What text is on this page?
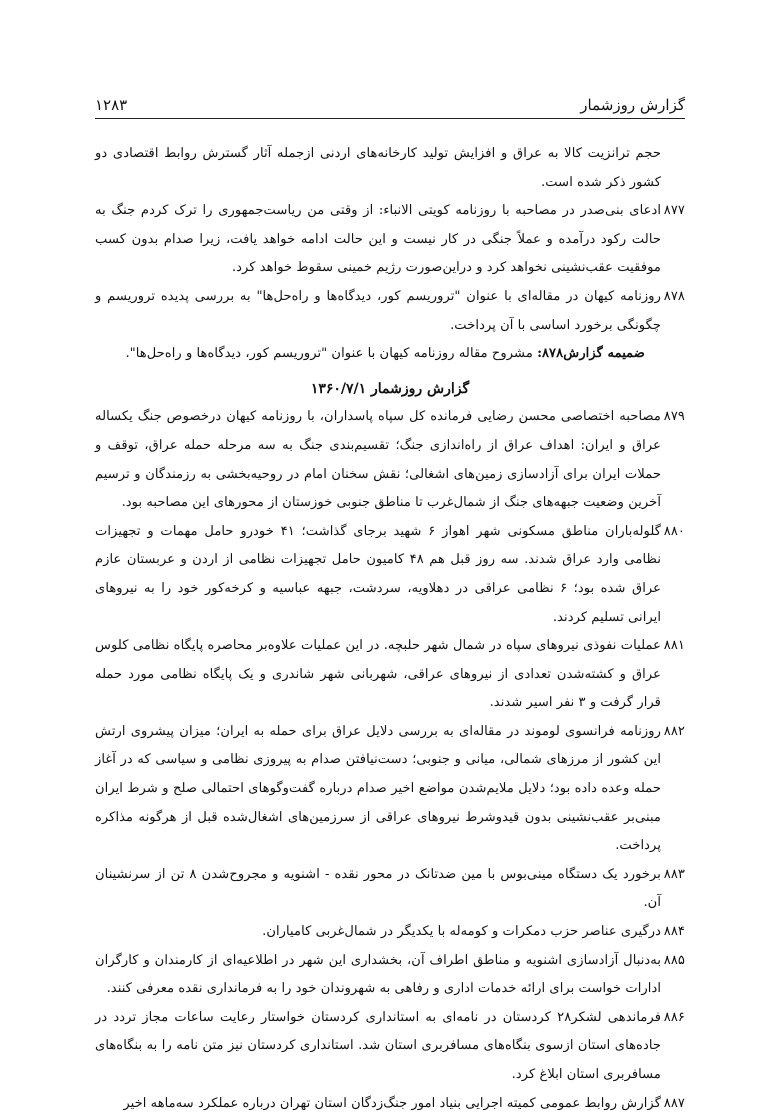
گزارش روزشمار
۱۲۸۳
حجم ترانزیت کالا به عراق و افزایش تولید کارخانه‌های اردنی ازجمله آثار گسترش روابط اقتصادی دو کشور ذکر شده است.
۸۷۷
ادعای بنی‌صدر در مصاحبه با روزنامه کویتی الانباء: از وقتی من ریاست‌جمهوری را ترک کردم جنگ به حالت رکود درآمده و عملاً جنگی در کار نیست و این حالت ادامه خواهد یافت، زیرا صدام بدون کسب موفقیت عقب‌نشینی نخواهد کرد و دراین‌صورت رژیم خمینی سقوط خواهد کرد.
۸۷۸
روزنامه کیهان در مقاله‌ای با عنوان "تروریسم کور، دیدگاه‌ها و راه‌حل‌ها" به بررسی پدیده تروریسم و چگونگی برخورد اساسی با آن پرداخت.
ضمیمه گزارش۸۷۸: مشروح مقاله روزنامه کیهان با عنوان "تروریسم کور، دیدگاه‌ها و راه‌حل‌ها".
گزارش روزشمار ۱۳۶۰/۷/۱
۸۷۹
مصاحبه اختصاصی محسن رضایی فرمانده کل سپاه پاسداران، با روزنامه کیهان درخصوص جنگ یکساله عراق و ایران: اهداف عراق از راه‌اندازی جنگ؛ تقسیم‌بندی جنگ به سه مرحله حمله عراق، توقف و حملات ایران برای آزادسازی زمین‌های اشغالی؛ نقش سخنان امام در روحیه‌بخشی به رزمندگان و ترسیم آخرین وضعیت جبهه‌های جنگ از شمال‌غرب تا مناطق جنوبی خوزستان از محورهای این مصاحبه بود.
۸۸۰
گلوله‌باران مناطق مسکونی شهر اهواز ۶ شهید برجای گذاشت؛ ۴۱ خودرو حامل مهمات و تجهیزات نظامی وارد عراق شدند. سه روز قبل هم ۴۸ کامیون حامل تجهیزات نظامی از اردن و عربستان عازم عراق شده بود؛ ۶ نظامی عراقی در دهلاویه، سردشت، جبهه عباسیه و کرخه‌کور خود را به نیروهای ایرانی تسلیم کردند.
۸۸۱
عملیات نفوذی نیروهای سپاه در شمال شهر حلبچه. در این عملیات علاوه‌بر محاصره پایگاه نظامی کلوس عراق و کشته‌شدن تعدادی از نیروهای عراقی، شهربانی شهر شاندری و یک پایگاه نظامی مورد حمله قرار گرفت و ۳ نفر اسیر شدند.
۸۸۲
روزنامه فرانسوی لوموند در مقاله‌ای به بررسی دلایل عراق برای حمله به ایران؛ میزان پیشروی ارتش این کشور از مرزهای شمالی، میانی و جنوبی؛ دست‌نیافتن صدام به پیروزی نظامی و سیاسی که در آغاز حمله وعده داده بود؛ دلایل ملایم‌شدن مواضع اخیر صدام درباره گفت‌وگوهای احتمالی صلح و شرط ایران مبنی‌بر عقب‌نشینی بدون قیدوشرط نیروهای عراقی از سرزمین‌های اشغال‌شده قبل از هرگونه مذاکره پرداخت.
۸۸۳
برخورد یک دستگاه مینی‌بوس با مین ضدتانک در محور نقده - اشنویه و مجروح‌شدن ۸ تن از سرنشینان آن.
۸۸۴
درگیری عناصر حزب دمکرات و کومه‌له با یکدیگر در شمال‌غربی کامیاران.
۸۸۵
به‌دنبال آزادسازی اشنویه و مناطق اطراف آن، بخشداری این شهر در اطلاعیه‌ای از کارمندان و کارگران ادارات خواست برای ارائه خدمات اداری و رفاهی به شهروندان خود را به فرمانداری نقده معرفی کنند.
۸۸۶
فرماندهی لشکر۲۸ کردستان در نامه‌ای به استانداری کردستان خواستار رعایت ساعات مجاز تردد در جاده‌های استان ازسوی بنگاه‌های مسافربری استان شد. استانداری کردستان نیز متن نامه را به بنگاه‌های مسافربری استان ابلاغ کرد.
۸۸۷
گزارش روابط عمومی کمیته اجرایی بنیاد امور جنگ‌زدگان استان تهران درباره عملکرد سه‌ماهه اخیر
